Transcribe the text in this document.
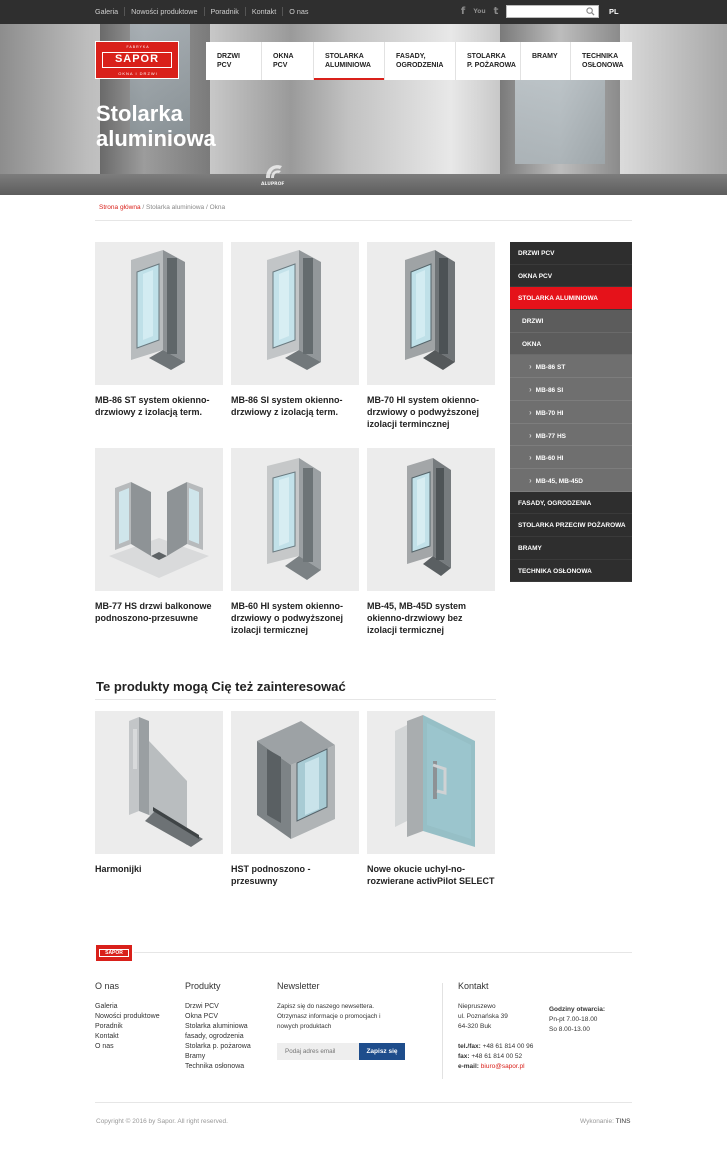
Galeria	Nowości produktowe	Poradnik	Kontakt	O nas	f	You t	PL
Stolarka
aluminiowa
ALUPROF
FABRYKA
SAPOR
OKNA I DRZWI
DRZWI
PCV
OKNA
PCV
STOLARKA
ALUMINIOWA
FASADY,
OGRODZENIA
STOLARKA
P. POŻAROWA
BRAMY	TECHNIKA
OSŁONOWA
Strona główna / Stolarka aluminiowa / Okna
MB-86 ST system okienno-drzwiowy z izolacją term.
MB-86 SI system okienno-drzwiowy z izolacją term.
MB-70 HI system okienno-drzwiowy o podwyższonej izolacji termincznej
MB-77 HS drzwi balkonowe podnoszono-przesuwne
MB-60 HI system okienno-drzwiowy o podwyższonej izolacji termicznej
MB-45, MB-45D system okienno-drzwiowy bez izolacji termicznej
DRZWI PCV
OKNA PCV
STOLARKA ALUMINIOWA
DRZWI
OKNA
› MB-86 ST
› MB-86 SI
› MB-70 HI
› MB-77 HS
› MB-60 HI
› MB-45, MB-45D
FASADY, OGRODZENIA
STOLARKA PRZECIW POŻAROWA
BRAMY
TECHNIKA OSŁONOWA
Te produkty mogą Cię też zainteresować
Harmonijki	HST podnoszono - przesuwny
Nowe okucie uchyl-no-rozwierane activPilot SELECT
SAPOR
O nas
Galeria
Nowości produktowe
Poradnik
Kontakt
O nas
Produkty
Drzwi PCV
Okna PCV
Stolarka aluminiowa
fasady, ogrodzenia
Stolarka p. pożarowa
Bramy
Technika osłonowa
Newsletter
Zapisz się do naszego newsettera.
Otrzymasz informacje o promocjach i
nowych produktach
Podaj adres email
Zapisz się
Kontakt
Niepruszewo
ul. Poznańska 39
64-320 Buk
tel./fax: +48 61 814 00 96
fax: +48 61 814 00 52
e-mail: biuro@sapor.pl
Godziny otwarcia:
Pn-pt 7.00-18.00
So 8.00-13.00
Copyright © 2016 by Sapor. All right reserved.	Wykonanie: TINS
